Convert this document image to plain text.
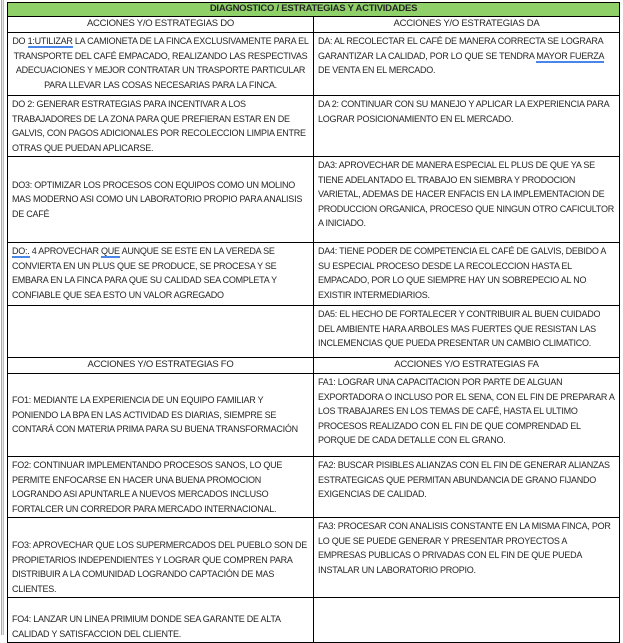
DIAGNOSTICO / ESTRATEGIAS Y ACTIVIDADES	
ACCIONES Y/O ESTRATEGIAS DO	ACCIONES Y/O ESTRATEGIAS DA
DO 1:UTILIZAR LA CAMIONETA DE LA FINCA EXCLUSIVAMENTE PARA EL TRANSPORTE DEL CAFÉ EMPACADO, REALIZANDO LAS RESPECTIVAS ADECUACIONES Y MEJOR CONTRATAR UN TRASPORTE PARTICULAR PARA LLEVAR LAS COSAS NECESARIAS PARA LA FINCA.	DA: AL RECOLECTAR EL CAFÉ DE MANERA CORRECTA SE LOGRARA GARANTIZAR LA CALIDAD, POR LO QUE SE TENDRA MAYOR FUERZA DE VENTA EN EL MERCADO.
DO 2: GENERAR ESTRATEGIAS PARA INCENTIVAR A LOS TRABAJADORES DE LA ZONA PARA QUE PREFIERAN ESTAR EN DE GALVIS, CON PAGOS ADICIONALES POR RECOLECCION LIMPIA ENTRE OTRAS QUE PUEDAN APLICARSE.	DA 2: CONTINUAR CON SU MANEJO Y APLICAR LA EXPERIENCIA PARA LOGRAR POSICIONAMIENTO EN EL MERCADO.
DO3: OPTIMIZAR LOS PROCESOS CON EQUIPOS COMO UN MOLINO MAS MODERNO ASI COMO UN LABORATORIO PROPIO PARA ANALISIS DE CAFÉ	DA3: APROVECHAR DE MANERA ESPECIAL EL PLUS DE QUE YA SE TIENE ADELANTADO EL TRABAJO EN SIEMBRA Y PRODOCION VARIETAL, ADEMAS DE HACER ENFACIS EN LA IMPLEMENTACION DE PRODUCCION ORGANICA, PROCESO QUE NINGUN OTRO CAFICULTOR A INICIADO.
DO:. 4 APROVECHAR QUE AUNQUE SE ESTE EN LA VEREDA SE CONVIERTA EN UN PLUS QUE SE PRODUCE, SE PROCESA Y SE EMBARA EN LA FINCA PARA QUE SU CALIDAD SEA COMPLETA Y CONFIABLE QUE SEA ESTO UN VALOR AGREGADO	DA4: TIENE PODER DE COMPETENCIA EL CAFÉ DE GALVIS, DEBIDO A SU ESPECIAL PROCESO DESDE LA RECOLECCION HASTA EL EMPACADO, POR LO QUE SIEMPRE HAY UN SOBREPECIO AL NO EXISTIR INTERMEDIARIOS.
	DA5: EL HECHO DE FORTALECER Y CONTRIBUIR AL BUEN CUIDADO DEL AMBIENTE HARA ARBOLES MAS FUERTES QUE RESISTAN LAS INCLEMENCIAS QUE PUEDA PRESENTAR UN CAMBIO CLIMATICO.
ACCIONES Y/O ESTRATEGIAS FO	ACCIONES Y/O ESTRATEGIAS FA
FO1: MEDIANTE LA EXPERIENCIA DE UN EQUIPO FAMILIAR Y PONIENDO LA BPA EN LAS ACTIVIDAD ES DIARIAS, SIEMPRE SE CONTARÁ CON MATERIA PRIMA PARA SU BUENA TRANSFORMACIÓN	FA1: LOGRAR UNA CAPACITACION POR PARTE DE ALGUAN EXPORTADORA O INCLUSO POR EL SENA, CON EL FIN DE PREPARAR A LOS TRABAJARES EN LOS TEMAS DE CAFÉ, HASTA EL ULTIMO PROCESOS REALIZADO CON EL FIN DE QUE COMPRENDAD EL PORQUE DE CADA DETALLE CON EL GRANO.
FO2: CONTINUAR IMPLEMENTANDO PROCESOS SANOS, LO QUE PERMITE ENFOCARSE EN HACER UNA BUENA PROMOCION LOGRANDO ASI APUNTARLE A NUEVOS MERCADOS INCLUSO FORTALCER UN CORREDOR PARA MERCADO INTERNACIONAL.	FA2: BUSCAR PISIBLES ALIANZAS CON EL FIN DE GENERAR ALIANZAS ESTRATEGICAS QUE PERMITAN ABUNDANCIA DE GRANO FIJANDO EXIGENCIAS DE CALIDAD.
FO3: APROVECHAR QUE LOS SUPERMERCADOS DEL PUEBLO SON DE PROPIETARIOS INDEPENDIENTES Y LOGRAR QUE COMPREN PARA DISTRIBUIR A LA COMUNIDAD LOGRANDO CAPTACIÓN DE MAS CLIENTES.	FA3: PROCESAR CON ANALISIS CONSTANTE EN LA MISMA FINCA, POR LO QUE SE PUEDE GENERAR Y PRESENTAR PROYECTOS A EMPRESAS PUBLICAS O PRIVADAS CON EL FIN DE QUE PUEDA INSTALAR UN LABORATORIO PROPIO.
FO4: LANZAR UN LINEA PRIMIUM DONDE SEA GARANTE DE ALTA CALIDAD Y SATISFACCION DEL CLIENTE.	
